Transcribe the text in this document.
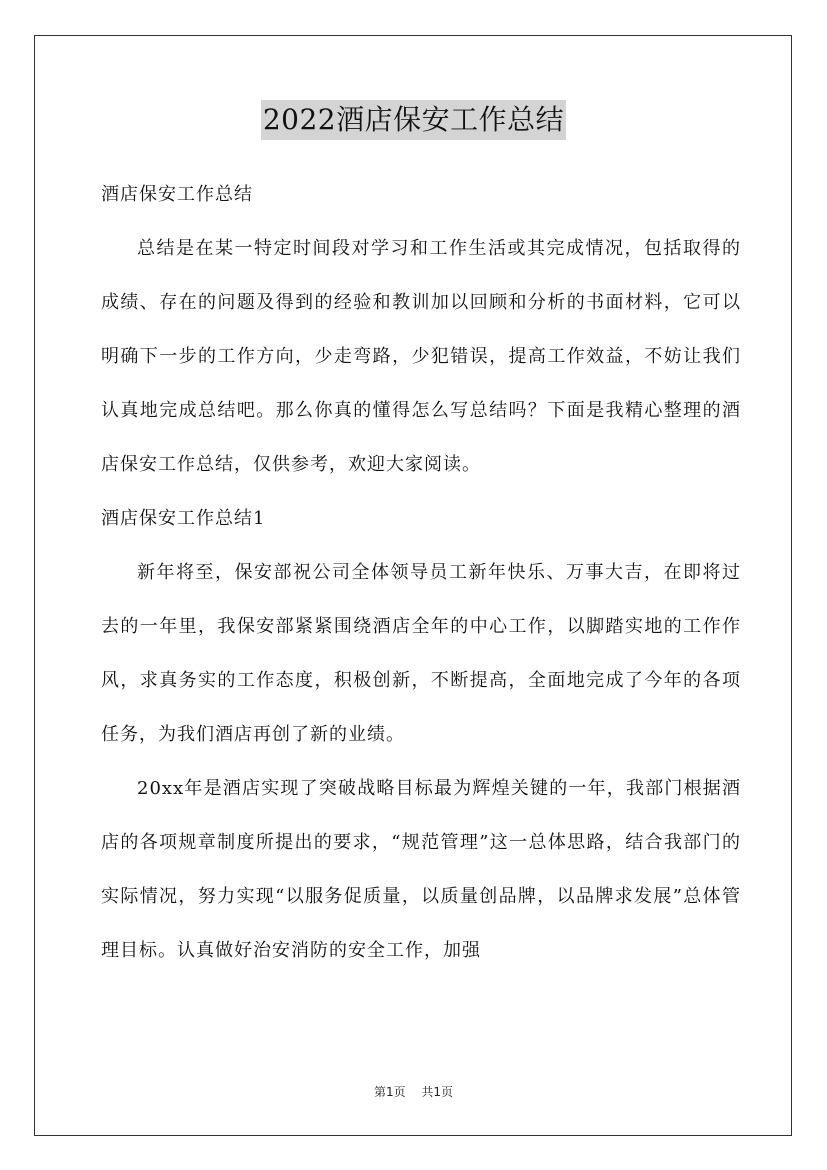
2022酒店保安工作总结

酒店保安工作总结

总结是在某一特定时间段对学习和工作生活或其完成情况，包括取得的成绩、存在的问题及得到的经验和教训加以回顾和分析的书面材料，它可以明确下一步的工作方向，少走弯路，少犯错误，提高工作效益，不妨让我们认真地完成总结吧。那么你真的懂得怎么写总结吗？下面是我精心整理的酒店保安工作总结，仅供参考，欢迎大家阅读。

酒店保安工作总结1

新年将至，保安部祝公司全体领导员工新年快乐、万事大吉，在即将过去的一年里，我保安部紧紧围绕酒店全年的中心工作，以脚踏实地的工作作风，求真务实的工作态度，积极创新，不断提高，全面地完成了今年的各项任务，为我们酒店再创了新的业绩。

20xx年是酒店实现了突破战略目标最为辉煌关键的一年，我部门根据酒店的各项规章制度所提出的要求，“规范管理”这一总体思路，结合我部门的实际情况，努力实现“以服务促质量，以质量创品牌，以品牌求发展”总体管理目标。认真做好治安消防的安全工作，加强

第1页 共1页
